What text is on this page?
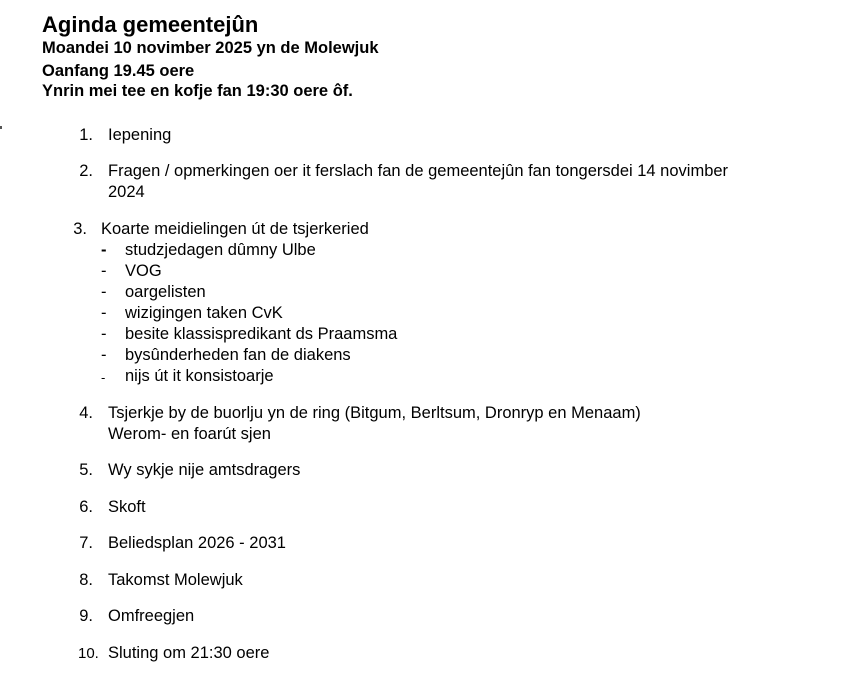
Aginda gemeentejûn
Moandei 10 novimber 2025 yn de Molewjuk
Oanfang 19.45 oere
Ynrin mei tee en kofje fan 19:30 oere ôf.
1. Iepening
2. Fragen / opmerkingen oer it ferslach fan de gemeentejûn fan tongersdei 14 novimber
2024
3. Koarte meidielingen út de tsjerkeried
- studzjedagen dûmny Ulbe
- VOG
- oargelisten
- wizigingen taken CvK
- besite klassispredikant ds Praamsma
- bysûnderheden fan de diakens
- nijs út it konsistoarje
4. Tsjerkje by de buorlju yn de ring (Bitgum, Berltsum, Dronryp en Menaam)
Werom- en foarút sjen
5. Wy sykje nije amtsdragers
6. Skoft
7. Beliedsplan 2026 - 2031
8. Takomst Molewjuk
9. Omfreegjen
10. Sluting om 21:30 oere
